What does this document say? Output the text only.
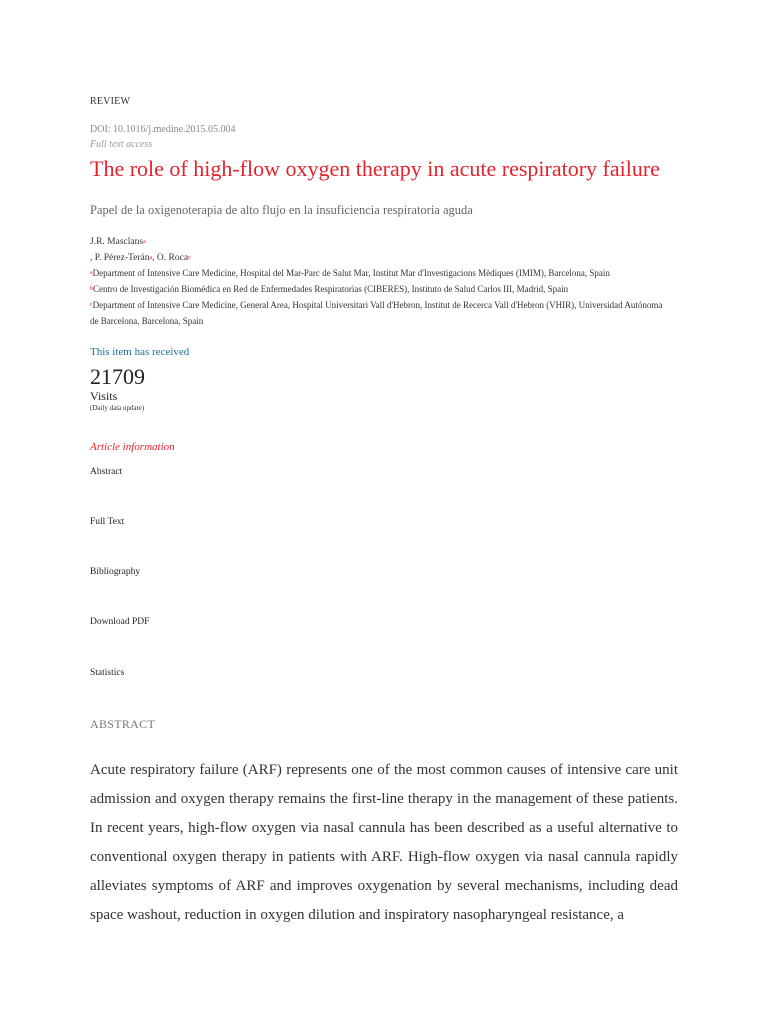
REVIEW
DOI: 10.1016/j.medine.2015.05.004
Full text access
The role of high-flow oxygen therapy in acute respiratory failure
Papel de la oxigenoterapia de alto flujo en la insuficiencia respiratoria aguda
J.R. Masclans$^a$
, P. Pérez-Terán$^a$, O. Roca$^c$
$^a$Department of Intensive Care Medicine, Hospital del Mar-Parc de Salut Mar, Institut Mar d'Investigacions Mèdiques (IMIM), Barcelona, Spain
$^b$Centro de Investigación Biomédica en Red de Enfermedades Respiratorias (CIBERES), Instituto de Salud Carlos III, Madrid, Spain
$^c$Department of Intensive Care Medicine, General Area, Hospital Universitari Vall d'Hebron, Institut de Recerca Vall d'Hebron (VHIR), Universidad Autónoma de Barcelona, Barcelona, Spain
This item has received
21709
Visits
(Daily data update)
Article information
Abstract
Full Text
Bibliography
Download PDF
Statistics
ABSTRACT

Acute respiratory failure (ARF) represents one of the most common causes of intensive care unit admission and oxygen therapy remains the first-line therapy in the management of these patients. In recent years, high-flow oxygen via nasal cannula has been described as a useful alternative to conventional oxygen therapy in patients with ARF. High-flow oxygen via nasal cannula rapidly alleviates symptoms of ARF and improves oxygenation by several mechanisms, including dead space washout, reduction in oxygen dilution and inspiratory nasopharyngeal resistance, a
